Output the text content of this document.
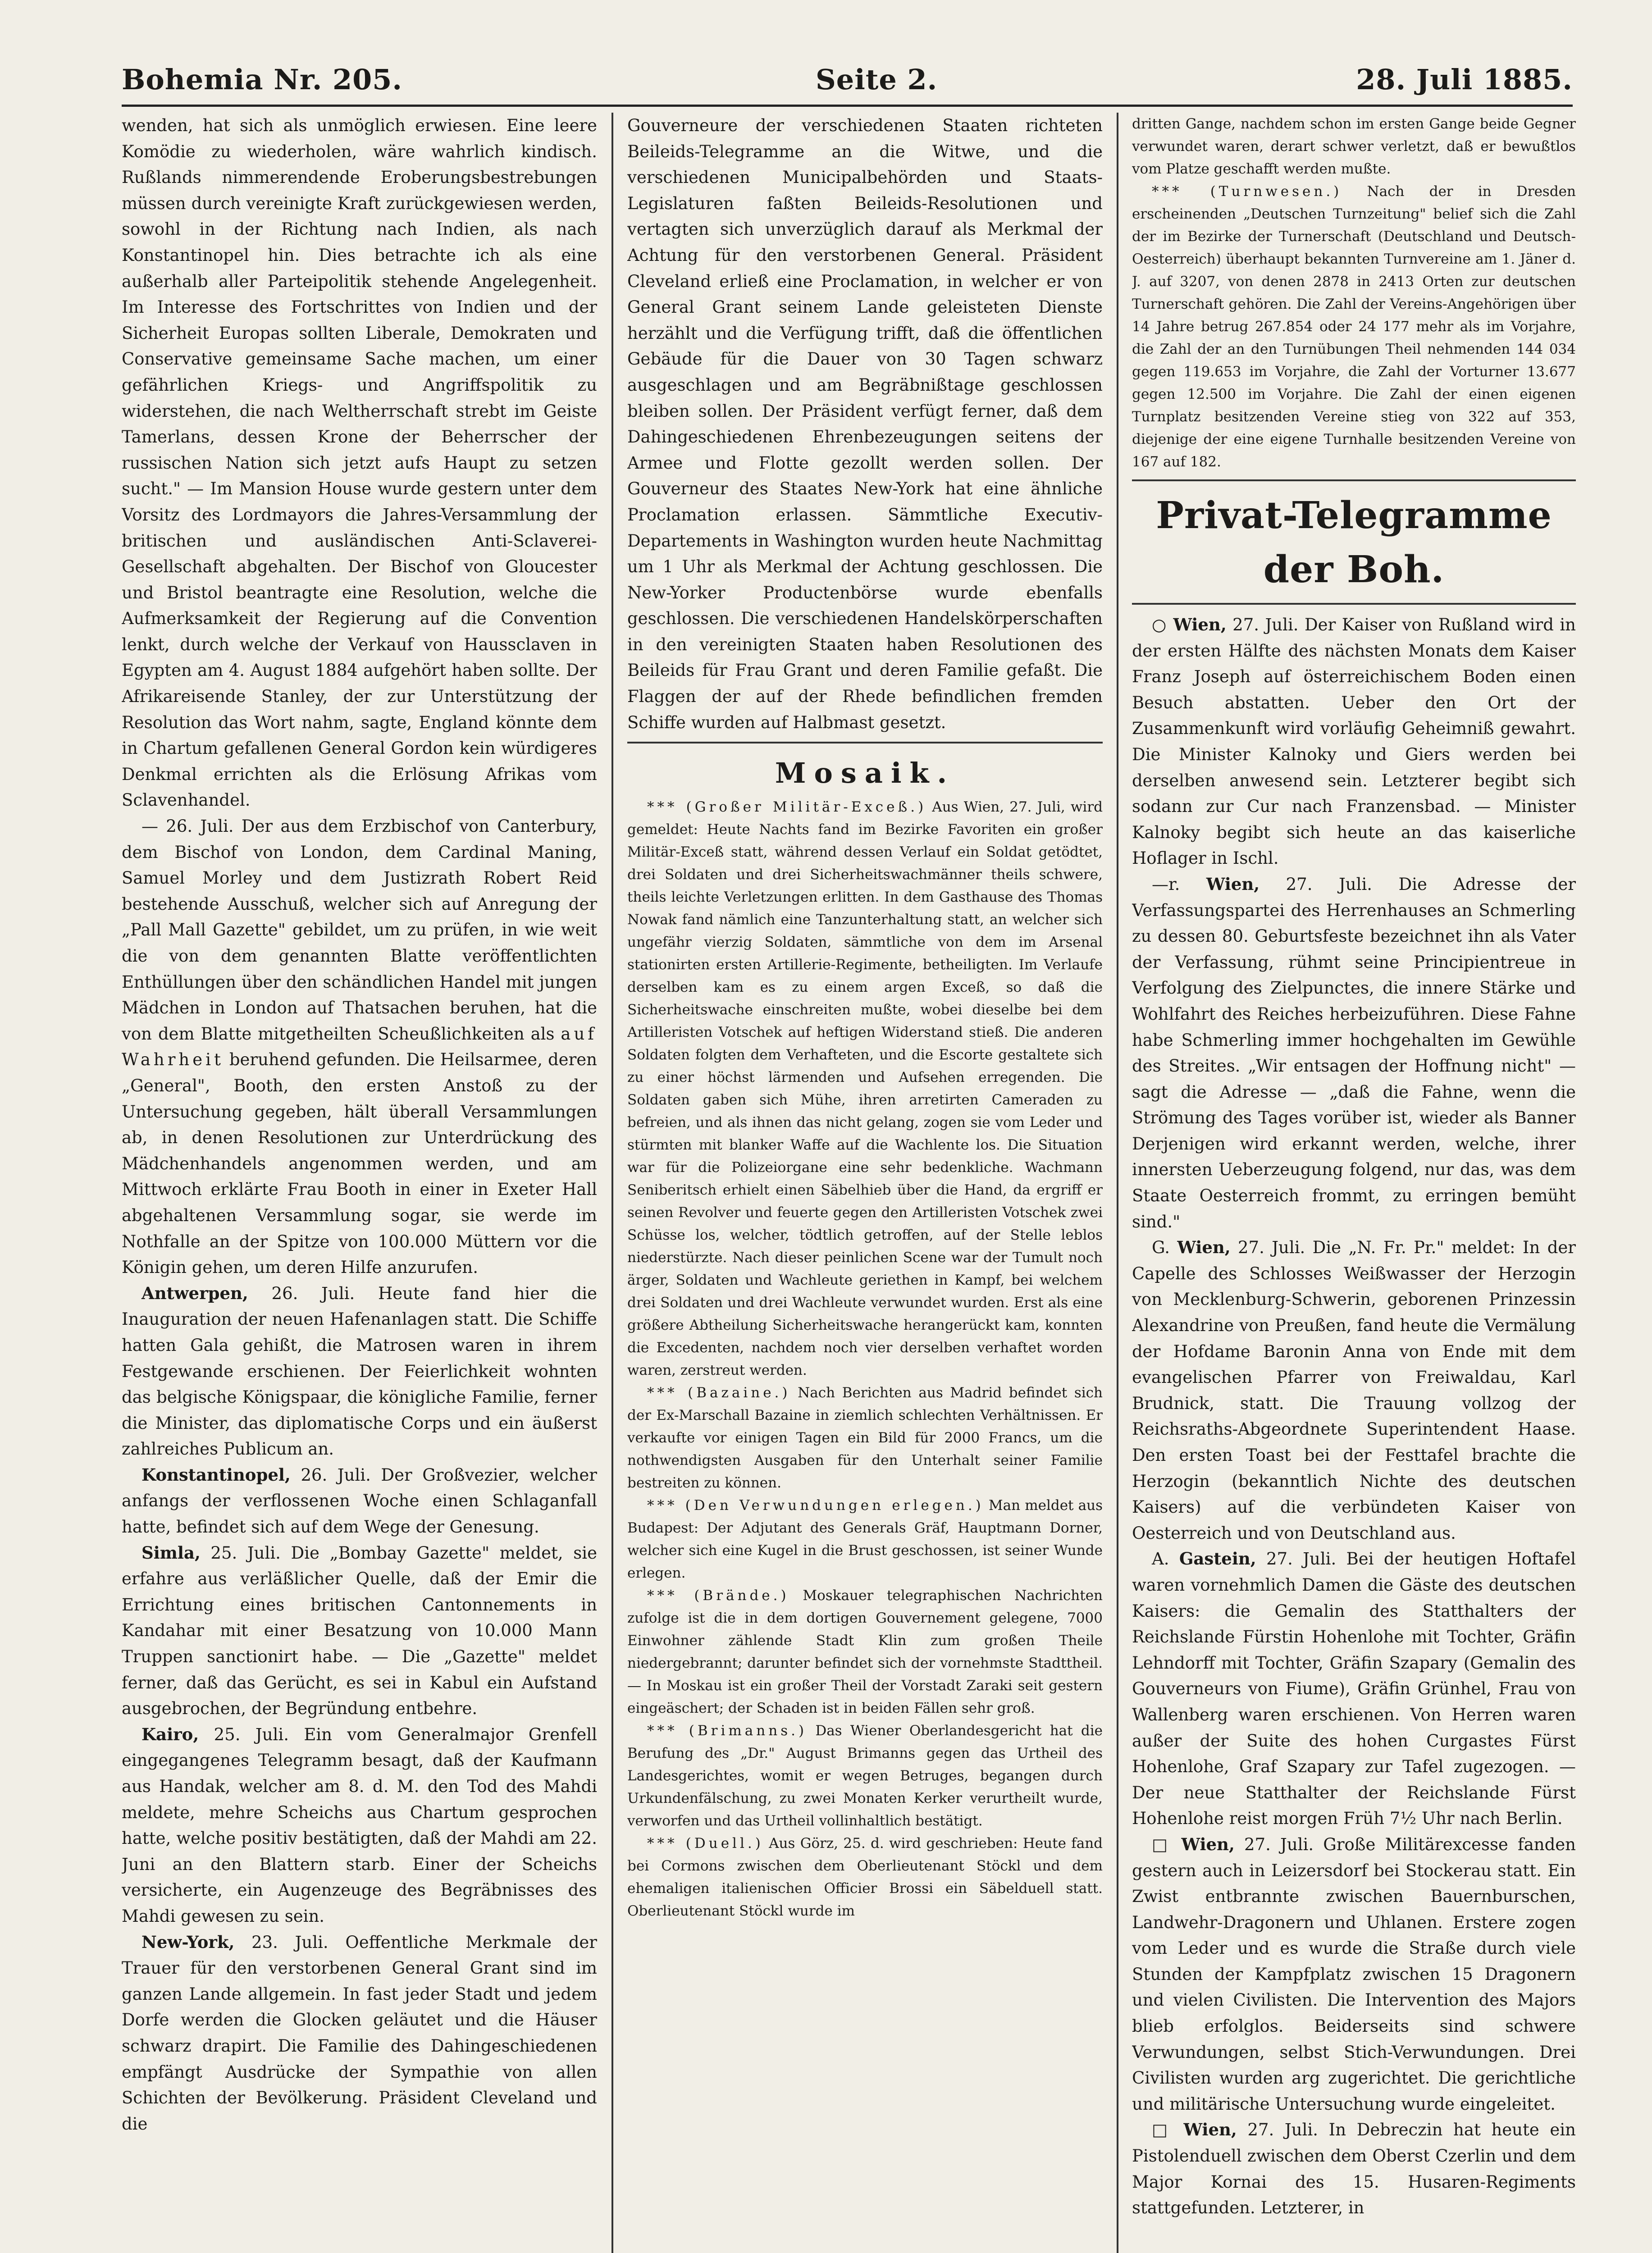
Bohemia Nr. 205.	Seite 2.	28. Juli 1885.

wenden, hat sich als unmöglich erwiesen. Eine leere Komödie zu wiederholen, wäre wahrlich kindisch. Rußlands nimmerendende Eroberungsbestrebungen müssen durch vereinigte Kraft zurückgewiesen werden, sowohl in der Richtung nach Indien, als nach Konstantinopel hin. Dies betrachte ich als eine außerhalb aller Parteipolitik stehende Angelegenheit. Im Interesse des Fortschrittes von Indien und der Sicherheit Europas sollten Liberale, Demokraten und Conservative gemeinsame Sache machen, um einer gefährlichen Kriegs- und Angriffspolitik zu widerstehen, die nach Weltherrschaft strebt im Geiste Tamerlans, dessen Krone der Beherrscher der russischen Nation sich jetzt aufs Haupt zu setzen sucht." — Im Mansion House wurde gestern unter dem Vorsitz des Lordmayors die Jahres-Versammlung der britischen und ausländischen Anti-Sclaverei-Gesellschaft abgehalten. Der Bischof von Gloucester und Bristol beantragte eine Resolution, welche die Aufmerksamkeit der Regierung auf die Convention lenkt, durch welche der Verkauf von Haussclaven in Egypten am 4. August 1884 aufgehört haben sollte. Der Afrikareisende Stanley, der zur Unterstützung der Resolution das Wort nahm, sagte, England könnte dem in Chartum gefallenen General Gordon kein würdigeres Denkmal errichten als die Erlösung Afrikas vom Sclavenhandel.

— 26. Juli. Der aus dem Erzbischof von Canterbury, dem Bischof von London, dem Cardinal Maning, Samuel Morley und dem Justizrath Robert Reid bestehende Ausschuß, welcher sich auf Anregung der „Pall Mall Gazette" gebildet, um zu prüfen, in wie weit die von dem genannten Blatte veröffentlichten Enthüllungen über den schändlichen Handel mit jungen Mädchen in London auf Thatsachen beruhen, hat die von dem Blatte mitgetheilten Scheußlichkeiten als auf Wahrheit beruhend gefunden. Die Heilsarmee, deren „General", Booth, den ersten Anstoß zu der Untersuchung gegeben, hält überall Versammlungen ab, in denen Resolutionen zur Unterdrückung des Mädchenhandels angenommen werden, und am Mittwoch erklärte Frau Booth in einer in Exeter Hall abgehaltenen Versammlung sogar, sie werde im Nothfalle an der Spitze von 100.000 Müttern vor die Königin gehen, um deren Hilfe anzurufen.

Antwerpen, 26. Juli. Heute fand hier die Inauguration der neuen Hafenanlagen statt. Die Schiffe hatten Gala gehißt, die Matrosen waren in ihrem Festgewande erschienen. Der Feierlichkeit wohnten das belgische Königspaar, die königliche Familie, ferner die Minister, das diplomatische Corps und ein äußerst zahlreiches Publicum an.

Konstantinopel, 26. Juli. Der Großvezier, welcher anfangs der verflossenen Woche einen Schlaganfall hatte, befindet sich auf dem Wege der Genesung.

Simla, 25. Juli. Die „Bombay Gazette" meldet, sie erfahre aus verläßlicher Quelle, daß der Emir die Errichtung eines britischen Cantonnements in Kandahar mit einer Besatzung von 10.000 Mann Truppen sanctionirt habe. — Die „Gazette" meldet ferner, daß das Gerücht, es sei in Kabul ein Aufstand ausgebrochen, der Begründung entbehre.

Kairo, 25. Juli. Ein vom Generalmajor Grenfell eingegangenes Telegramm besagt, daß der Kaufmann aus Handak, welcher am 8. d. M. den Tod des Mahdi meldete, mehre Scheichs aus Chartum gesprochen hatte, welche positiv bestätigten, daß der Mahdi am 22. Juni an den Blattern starb. Einer der Scheichs versicherte, ein Augenzeuge des Begräbnisses des Mahdi gewesen zu sein.

New-York, 23. Juli. Oeffentliche Merkmale der Trauer für den verstorbenen General Grant sind im ganzen Lande allgemein. In fast jeder Stadt und jedem Dorfe werden die Glocken geläutet und die Häuser schwarz drapirt. Die Familie des Dahingeschiedenen empfängt Ausdrücke der Sympathie von allen Schichten der Bevölkerung. Präsident Cleveland und die

Gouverneure der verschiedenen Staaten richteten Beileids-Telegramme an die Witwe, und die verschiedenen Municipalbehörden und Staats-Legislaturen faßten Beileids-Resolutionen und vertagten sich unverzüglich darauf als Merkmal der Achtung für den verstorbenen General. Präsident Cleveland erließ eine Proclamation, in welcher er von General Grant seinem Lande geleisteten Dienste herzählt und die Verfügung trifft, daß die öffentlichen Gebäude für die Dauer von 30 Tagen schwarz ausgeschlagen und am Begräbnißtage geschlossen bleiben sollen. Der Präsident verfügt ferner, daß dem Dahingeschiedenen Ehrenbezeugungen seitens der Armee und Flotte gezollt werden sollen. Der Gouverneur des Staates New-York hat eine ähnliche Proclamation erlassen. Sämmtliche Executiv-Departements in Washington wurden heute Nachmittag um 1 Uhr als Merkmal der Achtung geschlossen. Die New-Yorker Productenbörse wurde ebenfalls geschlossen. Die verschiedenen Handelskörperschaften in den vereinigten Staaten haben Resolutionen des Beileids für Frau Grant und deren Familie gefaßt. Die Flaggen der auf der Rhede befindlichen fremden Schiffe wurden auf Halbmast gesetzt.

Mosaik.

*** (Großer Militär-Exceß.) Aus Wien, 27. Juli, wird gemeldet: Heute Nachts fand im Bezirke Favoriten ein großer Militär-Exceß statt, während dessen Verlauf ein Soldat getödtet, drei Soldaten und drei Sicherheitswachmänner theils schwere, theils leichte Verletzungen erlitten. In dem Gasthause des Thomas Nowak fand nämlich eine Tanzunterhaltung statt, an welcher sich ungefähr vierzig Soldaten, sämmtliche von dem im Arsenal stationirten ersten Artillerie-Regimente, betheiligten. Im Verlaufe derselben kam es zu einem argen Exceß, so daß die Sicherheitswache einschreiten mußte, wobei dieselbe bei dem Artilleristen Votschek auf heftigen Widerstand stieß. Die anderen Soldaten folgten dem Verhafteten, und die Escorte gestaltete sich zu einer höchst lärmenden und Aufsehen erregenden. Die Soldaten gaben sich Mühe, ihren arretirten Cameraden zu befreien, und als ihnen das nicht gelang, zogen sie vom Leder und stürmten mit blanker Waffe auf die Wachlente los. Die Situation war für die Polizeiorgane eine sehr bedenkliche. Wachmann Seniberitsch erhielt einen Säbelhieb über die Hand, da ergriff er seinen Revolver und feuerte gegen den Artilleristen Votschek zwei Schüsse los, welcher, tödtlich getroffen, auf der Stelle leblos niederstürzte. Nach dieser peinlichen Scene war der Tumult noch ärger, Soldaten und Wachleute geriethen in Kampf, bei welchem drei Soldaten und drei Wachleute verwundet wurden. Erst als eine größere Abtheilung Sicherheitswache herangerückt kam, konnten die Excedenten, nachdem noch vier derselben verhaftet worden waren, zerstreut werden.

*** (Bazaine.) Nach Berichten aus Madrid befindet sich der Ex-Marschall Bazaine in ziemlich schlechten Verhältnissen. Er verkaufte vor einigen Tagen ein Bild für 2000 Francs, um die nothwendigsten Ausgaben für den Unterhalt seiner Familie bestreiten zu können.

*** (Den Verwundungen erlegen.) Man meldet aus Budapest: Der Adjutant des Generals Gräf, Hauptmann Dorner, welcher sich eine Kugel in die Brust geschossen, ist seiner Wunde erlegen.

*** (Brände.) Moskauer telegraphischen Nachrichten zufolge ist die in dem dortigen Gouvernement gelegene, 7000 Einwohner zählende Stadt Klin zum großen Theile niedergebrannt; darunter befindet sich der vornehmste Stadttheil. — In Moskau ist ein großer Theil der Vorstadt Zaraki seit gestern eingeäschert; der Schaden ist in beiden Fällen sehr groß.

*** (Brimanns.) Das Wiener Oberlandesgericht hat die Berufung des „Dr." August Brimanns gegen das Urtheil des Landesgerichtes, womit er wegen Betruges, begangen durch Urkundenfälschung, zu zwei Monaten Kerker verurtheilt wurde, verworfen und das Urtheil vollinhaltlich bestätigt.

*** (Duell.) Aus Görz, 25. d. wird geschrieben: Heute fand bei Cormons zwischen dem Oberlieutenant Stöckl und dem ehemaligen italienischen Officier Brossi ein Säbelduell statt. Oberlieutenant Stöckl wurde im

dritten Gange, nachdem schon im ersten Gange beide Gegner verwundet waren, derart schwer verletzt, daß er bewußtlos vom Platze geschafft werden mußte.

*** (Turnwesen.) Nach der in Dresden erscheinenden „Deutschen Turnzeitung" belief sich die Zahl der im Bezirke der Turnerschaft (Deutschland und Deutsch-Oesterreich) überhaupt bekannten Turnvereine am 1. Jäner d. J. auf 3207, von denen 2878 in 2413 Orten zur deutschen Turnerschaft gehören. Die Zahl der Vereins-Angehörigen über 14 Jahre betrug 267.854 oder 24 177 mehr als im Vorjahre, die Zahl der an den Turnübungen Theil nehmenden 144 034 gegen 119.653 im Vorjahre, die Zahl der Vorturner 13.677 gegen 12.500 im Vorjahre. Die Zahl der einen eigenen Turnplatz besitzenden Vereine stieg von 322 auf 353, diejenige der eine eigene Turnhalle besitzenden Vereine von 167 auf 182.

Privat-Telegramme der Boh.

○ Wien, 27. Juli. Der Kaiser von Rußland wird in der ersten Hälfte des nächsten Monats dem Kaiser Franz Joseph auf österreichischem Boden einen Besuch abstatten. Ueber den Ort der Zusammenkunft wird vorläufig Geheimniß gewahrt. Die Minister Kalnoky und Giers werden bei derselben anwesend sein. Letzterer begibt sich sodann zur Cur nach Franzensbad. — Minister Kalnoky begibt sich heute an das kaiserliche Hoflager in Ischl.

—r. Wien, 27. Juli. Die Adresse der Verfassungspartei des Herrenhauses an Schmerling zu dessen 80. Geburtsfeste bezeichnet ihn als Vater der Verfassung, rühmt seine Principientreue in Verfolgung des Zielpunctes, die innere Stärke und Wohlfahrt des Reiches herbeizuführen. Diese Fahne habe Schmerling immer hochgehalten im Gewühle des Streites. „Wir entsagen der Hoffnung nicht" — sagt die Adresse — „daß die Fahne, wenn die Strömung des Tages vorüber ist, wieder als Banner Derjenigen wird erkannt werden, welche, ihrer innersten Ueberzeugung folgend, nur das, was dem Staate Oesterreich frommt, zu erringen bemüht sind."

G. Wien, 27. Juli. Die „N. Fr. Pr." meldet: In der Capelle des Schlosses Weißwasser der Herzogin von Mecklenburg-Schwerin, geborenen Prinzessin Alexandrine von Preußen, fand heute die Vermälung der Hofdame Baronin Anna von Ende mit dem evangelischen Pfarrer von Freiwaldau, Karl Brudnick, statt. Die Trauung vollzog der Reichsraths-Abgeordnete Superintendent Haase. Den ersten Toast bei der Festtafel brachte die Herzogin (bekanntlich Nichte des deutschen Kaisers) auf die verbündeten Kaiser von Oesterreich und von Deutschland aus.

A. Gastein, 27. Juli. Bei der heutigen Hoftafel waren vornehmlich Damen die Gäste des deutschen Kaisers: die Gemalin des Statthalters der Reichslande Fürstin Hohenlohe mit Tochter, Gräfin Lehndorff mit Tochter, Gräfin Szapary (Gemalin des Gouverneurs von Fiume), Gräfin Grünhel, Frau von Wallenberg waren erschienen. Von Herren waren außer der Suite des hohen Curgastes Fürst Hohenlohe, Graf Szapary zur Tafel zugezogen. — Der neue Statthalter der Reichslande Fürst Hohenlohe reist morgen Früh 7½ Uhr nach Berlin.

□ Wien, 27. Juli. Große Militärexcesse fanden gestern auch in Leizersdorf bei Stockerau statt. Ein Zwist entbrannte zwischen Bauernburschen, Landwehr-Dragonern und Uhlanen. Erstere zogen vom Leder und es wurde die Straße durch viele Stunden der Kampfplatz zwischen 15 Dragonern und vielen Civilisten. Die Intervention des Majors blieb erfolglos. Beiderseits sind schwere Verwundungen, selbst Stich-Verwundungen. Drei Civilisten wurden arg zugerichtet. Die gerichtliche und militärische Untersuchung wurde eingeleitet.

□ Wien, 27. Juli. In Debreczin hat heute ein Pistolenduell zwischen dem Oberst Czerlin und dem Major Kornai des 15. Husaren-Regiments stattgefunden. Letzterer, in
